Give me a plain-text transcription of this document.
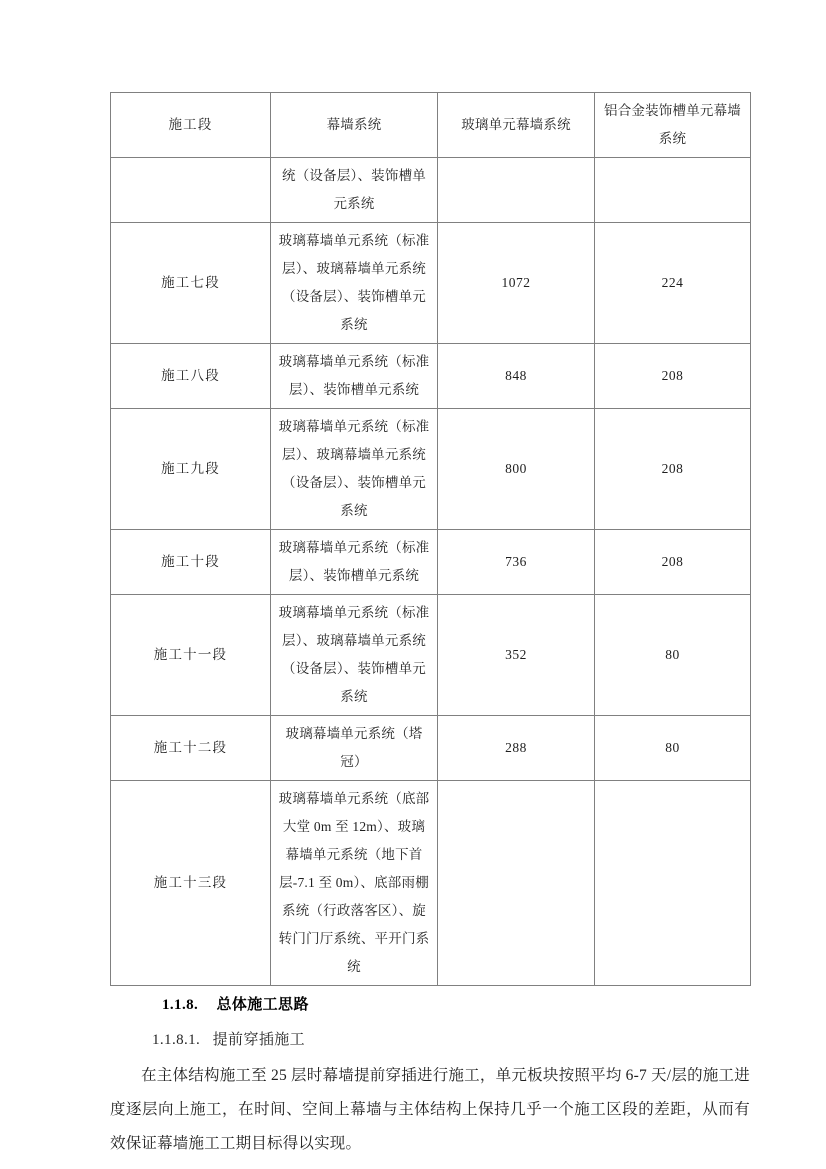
施工段	幕墙系统	玻璃单元幕墙系统	铝合金装饰槽单元幕墙系统
	统（设备层）、装饰槽单元系统		
施工七段	玻璃幕墙单元系统（标准层）、玻璃幕墙单元系统（设备层）、装饰槽单元系统	1072	224
施工八段	玻璃幕墙单元系统（标准层）、装饰槽单元系统	848	208
施工九段	玻璃幕墙单元系统（标准层）、玻璃幕墙单元系统（设备层）、装饰槽单元系统	800	208
施工十段	玻璃幕墙单元系统（标准层）、装饰槽单元系统	736	208
施工十一段	玻璃幕墙单元系统（标准层）、玻璃幕墙单元系统（设备层）、装饰槽单元系统	352	80
施工十二段	玻璃幕墙单元系统（塔冠）	288	80
施工十三段	玻璃幕墙单元系统（底部大堂 0m 至 12m）、玻璃幕墙单元系统（地下首层-7.1 至 0m）、底部雨棚系统（行政落客区）、旋转门门厅系统、平开门系统		
1.1.8. 总体施工思路
1.1.8.1. 提前穿插施工

在主体结构施工至 25 层时幕墙提前穿插进行施工，单元板块按照平均 6-7 天/层的施工进度逐层向上施工，在时间、空间上幕墙与主体结构上保持几乎一个施工区段的差距，从而有效保证幕墙施工工期目标得以实现。
